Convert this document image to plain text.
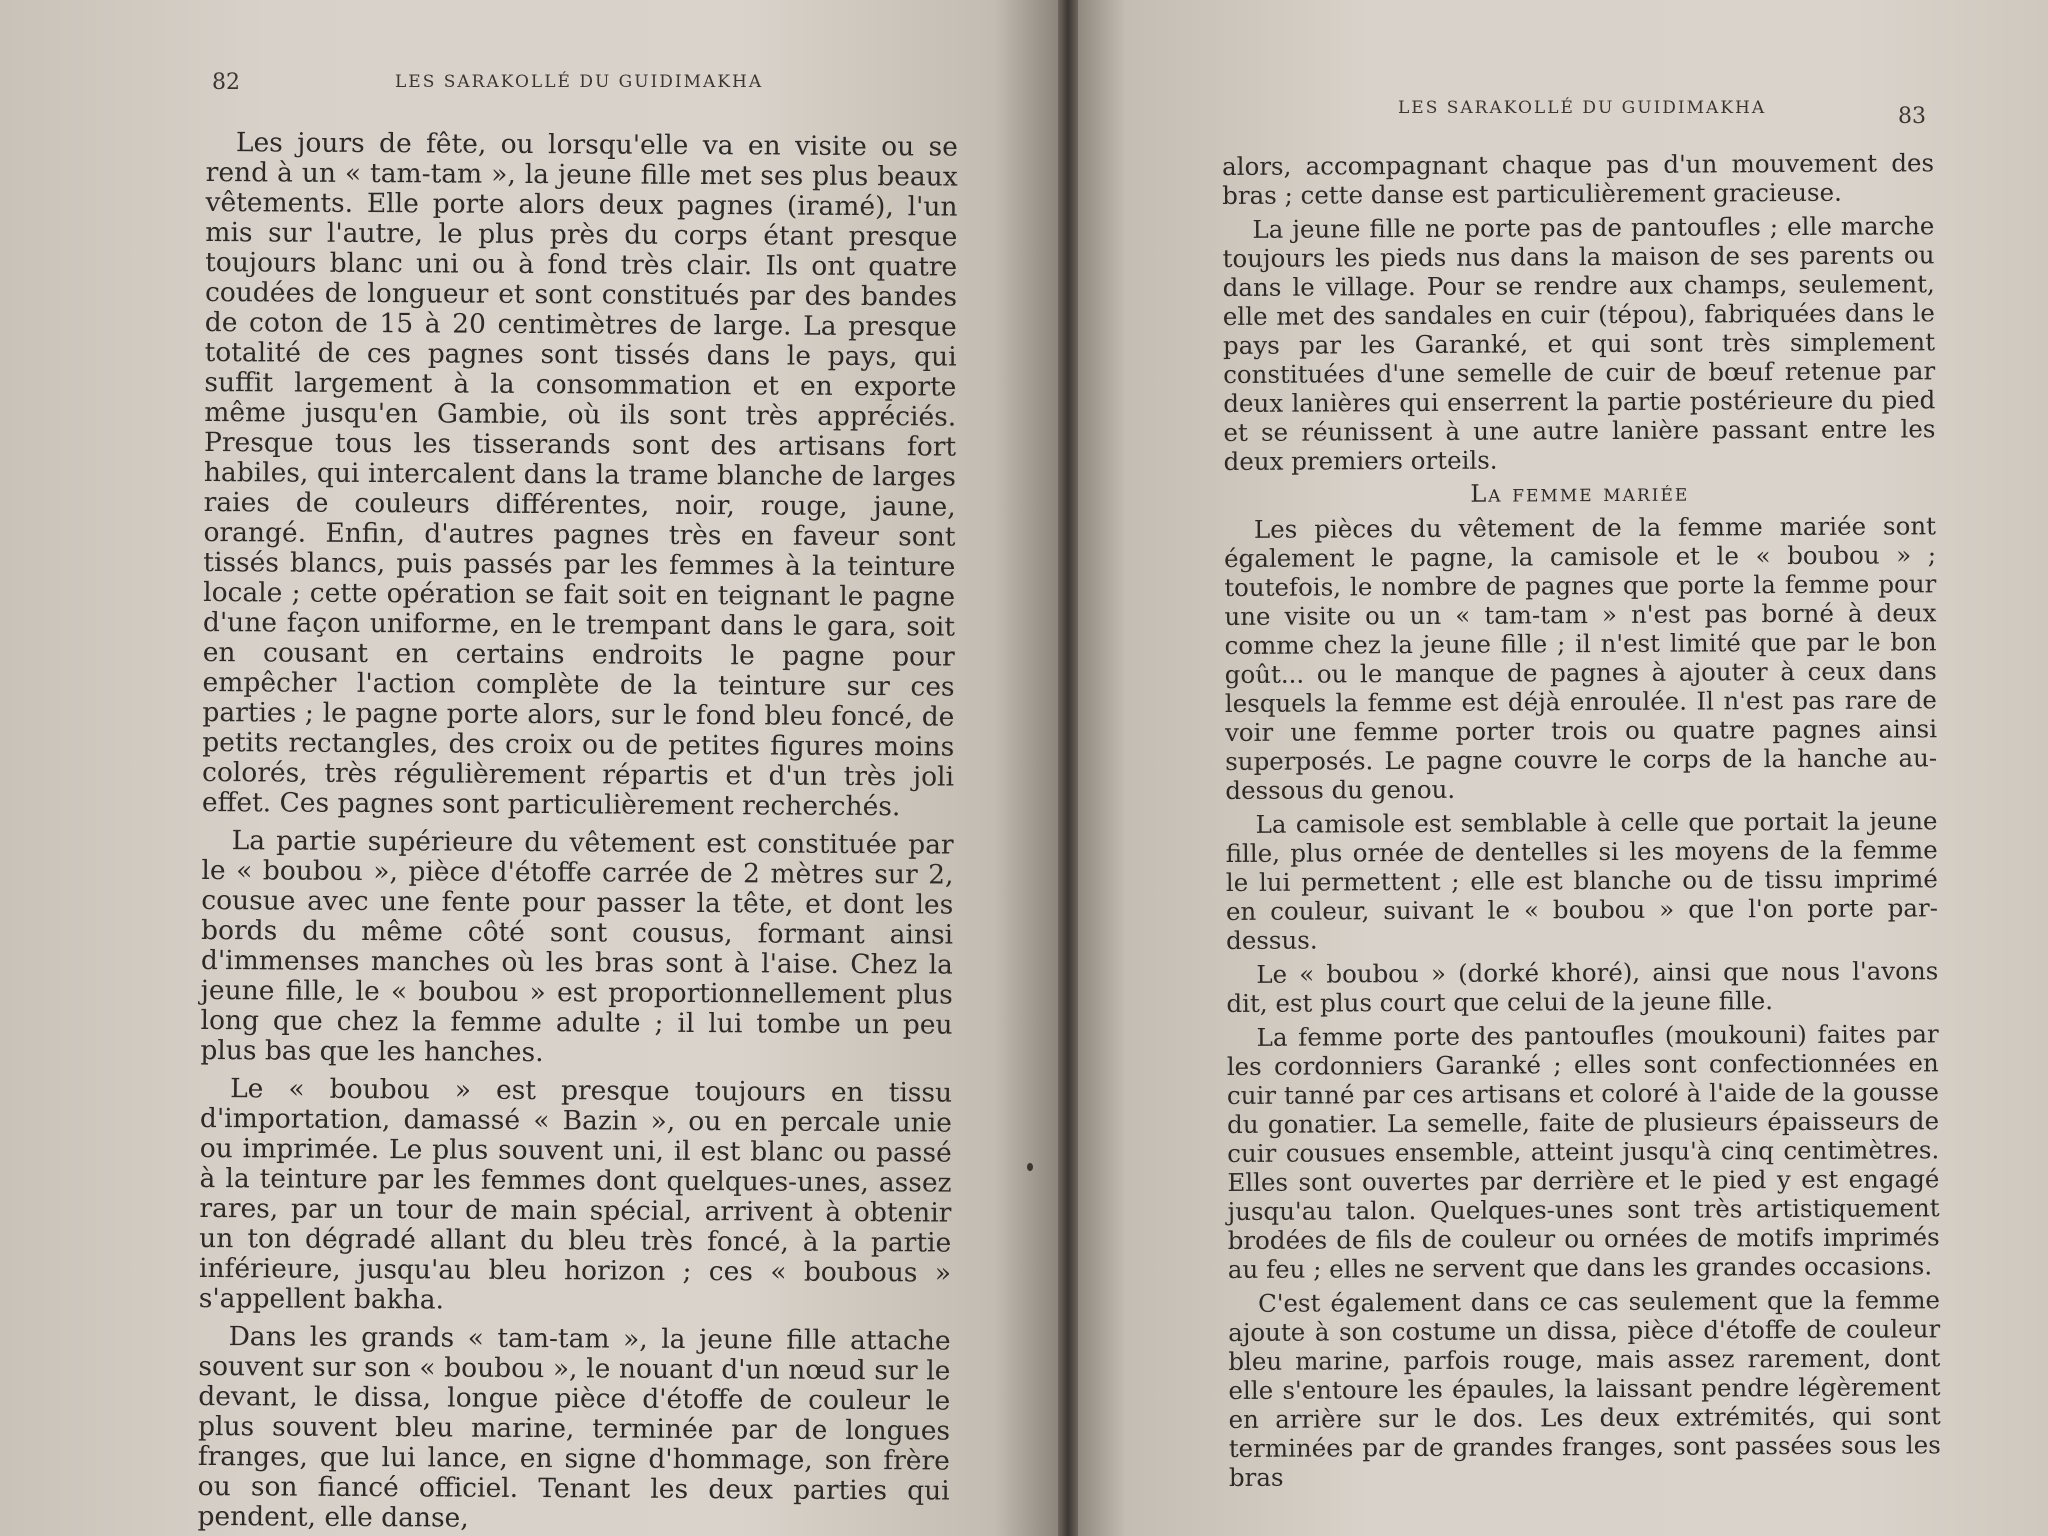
82	LES SARAKOLLÉ DU GUIDIMAKHA

Les jours de fête, ou lorsqu'elle va en visite ou se rend à un « tam-tam », la jeune fille met ses plus beaux vêtements. Elle porte alors deux pagnes (iramé), l'un mis sur l'autre, le plus près du corps étant presque toujours blanc uni ou à fond très clair. Ils ont quatre coudées de longueur et sont constitués par des bandes de coton de 15 à 20 centimètres de large. La presque totalité de ces pagnes sont tissés dans le pays, qui suffit largement à la consommation et en exporte même jusqu'en Gambie, où ils sont très appréciés. Presque tous les tisserands sont des artisans fort habiles, qui intercalent dans la trame blanche de larges raies de couleurs différentes, noir, rouge, jaune, orangé. Enfin, d'autres pagnes très en faveur sont tissés blancs, puis passés par les femmes à la teinture locale ; cette opération se fait soit en teignant le pagne d'une façon uniforme, en le trempant dans le gara, soit en cousant en certains endroits le pagne pour empêcher l'action complète de la teinture sur ces parties ; le pagne porte alors, sur le fond bleu foncé, de petits rectangles, des croix ou de petites figures moins colorés, très régulièrement répartis et d'un très joli effet. Ces pagnes sont particulièrement recherchés.

La partie supérieure du vêtement est constituée par le « boubou », pièce d'étoffe carrée de 2 mètres sur 2, cousue avec une fente pour passer la tête, et dont les bords du même côté sont cousus, formant ainsi d'immenses manches où les bras sont à l'aise. Chez la jeune fille, le « boubou » est proportionnellement plus long que chez la femme adulte ; il lui tombe un peu plus bas que les hanches.

Le « boubou » est presque toujours en tissu d'importation, damassé « Bazin », ou en percale unie ou imprimée. Le plus souvent uni, il est blanc ou passé à la teinture par les femmes dont quelques-unes, assez rares, par un tour de main spécial, arrivent à obtenir un ton dégradé allant du bleu très foncé, à la partie inférieure, jusqu'au bleu horizon ; ces « boubous » s'appellent bakha.

Dans les grands « tam-tam », la jeune fille attache souvent sur son « boubou », le nouant d'un nœud sur le devant, le dissa, longue pièce d'étoffe de couleur le plus souvent bleu marine, terminée par de longues franges, que lui lance, en signe d'hommage, son frère ou son fiancé officiel. Tenant les deux parties qui pendent, elle danse,

LES SARAKOLLÉ DU GUIDIMAKHA	83

alors, accompagnant chaque pas d'un mouvement des bras ; cette danse est particulièrement gracieuse.

La jeune fille ne porte pas de pantoufles ; elle marche toujours les pieds nus dans la maison de ses parents ou dans le village. Pour se rendre aux champs, seulement, elle met des sandales en cuir (tépou), fabriquées dans le pays par les Garanké, et qui sont très simplement constituées d'une semelle de cuir de bœuf retenue par deux lanières qui enserrent la partie postérieure du pied et se réunissent à une autre lanière passant entre les deux premiers orteils.

La femme mariée

Les pièces du vêtement de la femme mariée sont également le pagne, la camisole et le « boubou » ; toutefois, le nombre de pagnes que porte la femme pour une visite ou un « tam-tam » n'est pas borné à deux comme chez la jeune fille ; il n'est limité que par le bon goût... ou le manque de pagnes à ajouter à ceux dans lesquels la femme est déjà enroulée. Il n'est pas rare de voir une femme porter trois ou quatre pagnes ainsi superposés. Le pagne couvre le corps de la hanche au-dessous du genou.

La camisole est semblable à celle que portait la jeune fille, plus ornée de dentelles si les moyens de la femme le lui permettent ; elle est blanche ou de tissu imprimé en couleur, suivant le « boubou » que l'on porte par-dessus.

Le « boubou » (dorké khoré), ainsi que nous l'avons dit, est plus court que celui de la jeune fille.

La femme porte des pantoufles (moukouni) faites par les cordonniers Garanké ; elles sont confectionnées en cuir tanné par ces artisans et coloré à l'aide de la gousse du gonatier. La semelle, faite de plusieurs épaisseurs de cuir cousues ensemble, atteint jusqu'à cinq centimètres. Elles sont ouvertes par derrière et le pied y est engagé jusqu'au talon. Quelques-unes sont très artistiquement brodées de fils de couleur ou ornées de motifs imprimés au feu ; elles ne servent que dans les grandes occasions.

C'est également dans ce cas seulement que la femme ajoute à son costume un dissa, pièce d'étoffe de couleur bleu marine, parfois rouge, mais assez rarement, dont elle s'entoure les épaules, la laissant pendre légèrement en arrière sur le dos. Les deux extrémités, qui sont terminées par de grandes franges, sont passées sous les bras
